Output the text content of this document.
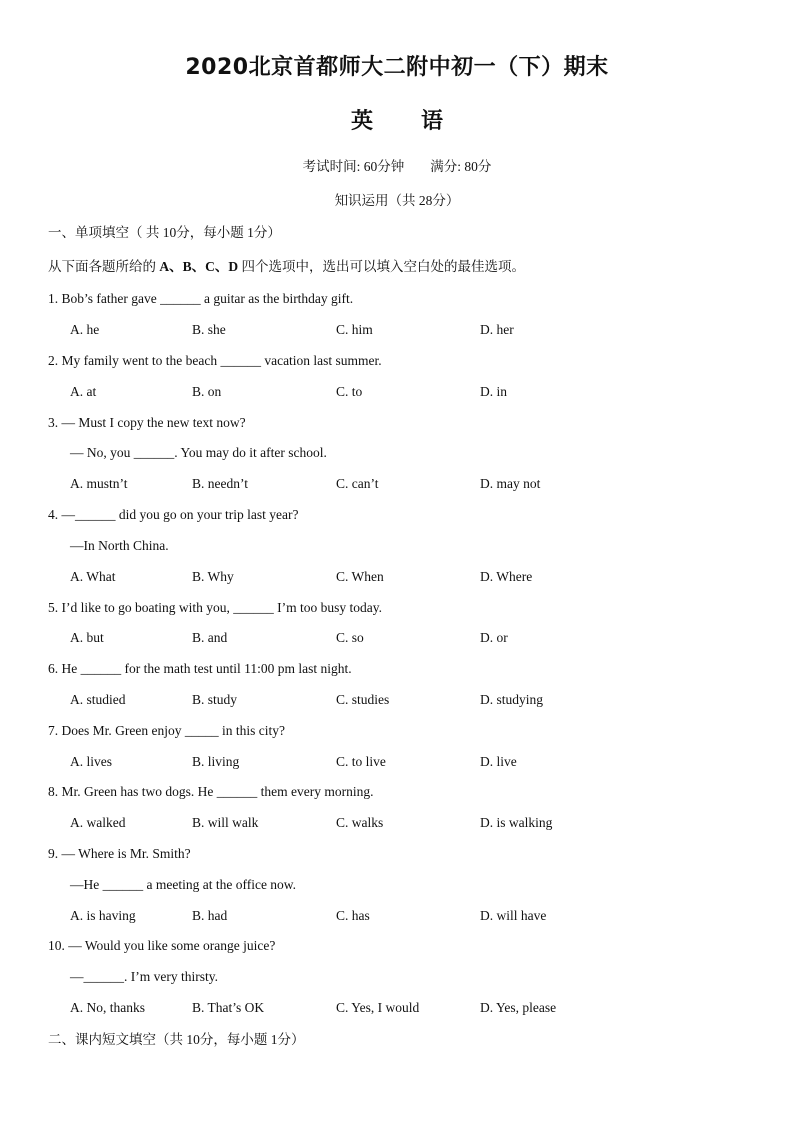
2020北京首都师大二附中初一（下）期末
英 语
考试时间: 60分钟 满分: 80分
知识运用（共 28分）
一、单项填空（ 共 10分，每小题 1分）
从下面各题所给的 A、B、C、D 四个选项中，选出可以填入空白处的最佳选项。
1. Bob’s father gave ______ a guitar as the birthday gift.
A. he	B. she	C. him	D. her
2. My family went to the beach ______ vacation last summer.
A. at	B. on	C. to	D. in
3. — Must I copy the new text now?
— No, you ______. You may do it after school.
A. mustn’t	B. needn’t	C. can’t	D. may not
4. —______ did you go on your trip last year?
—In North China.
A. What	B. Why	C. When	D. Where
5. I’d like to go boating with you, ______ I’m too busy today.
A. but	B. and	C. so	D. or
6. He ______ for the math test until 11:00 pm last night.
A. studied	B. study	C. studies	D. studying
7. Does Mr. Green enjoy _____ in this city?
A. lives	B. living	C. to live	D. live
8. Mr. Green has two dogs. He ______ them every morning.
A. walked	B. will walk	C. walks	D. is walking
9. — Where is Mr. Smith?
—He ______ a meeting at the office now.
A. is having	B. had	C. has	D. will have
10. — Would you like some orange juice?
—______. I’m very thirsty.
A. No, thanks	B. That’s OK	C. Yes, I would	D. Yes, please
二、课内短文填空（共 10分，每小题 1分）
